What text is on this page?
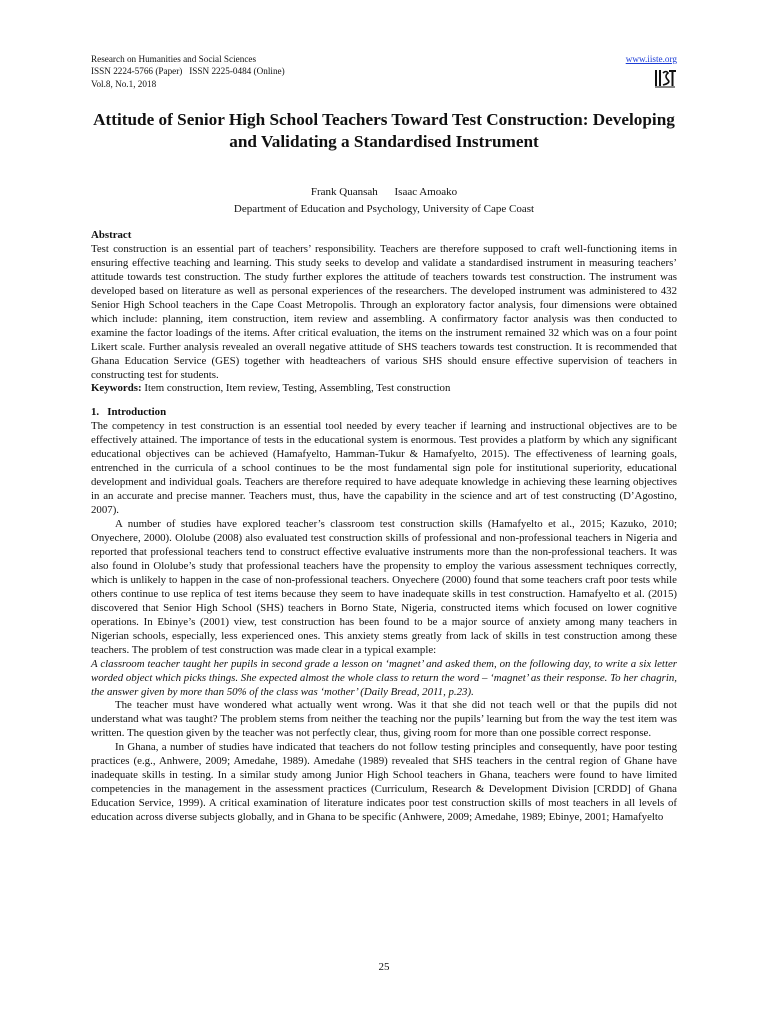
Research on Humanities and Social Sciences
ISSN 2224-5766 (Paper)   ISSN 2225-0484 (Online)
Vol.8, No.1, 2018
www.iiste.org
Attitude of Senior High School Teachers Toward Test Construction: Developing and Validating a Standardised Instrument
Frank Quansah Isaac Amoako
Department of Education and Psychology, University of Cape Coast

Abstract

Test construction is an essential part of teachers’ responsibility. Teachers are therefore supposed to craft well-functioning items in ensuring effective teaching and learning. This study seeks to develop and validate a standardised instrument in measuring teachers’ attitude towards test construction. The study further explores the attitude of teachers towards test construction. The instrument was developed based on literature as well as personal experiences of the researchers. The developed instrument was administered to 432 Senior High School teachers in the Cape Coast Metropolis. Through an exploratory factor analysis, four dimensions were obtained which include: planning, item construction, item review and assembling. A confirmatory factor analysis was then conducted to examine the factor loadings of the items. After critical evaluation, the items on the instrument remained 32 which was on a four point Likert scale. Further analysis revealed an overall negative attitude of SHS teachers towards test construction. It is recommended that Ghana Education Service (GES) together with headteachers of various SHS should ensure effective supervision of teachers in constructing test for students.

Keywords: Item construction, Item review, Testing, Assembling, Test construction

1.   Introduction

The competency in test construction is an essential tool needed by every teacher if learning and instructional objectives are to be effectively attained. The importance of tests in the educational system is enormous. Test provides a platform by which any significant educational objectives can be achieved (Hamafyelto, Hamman-Tukur & Hamafyelto, 2015). The effectiveness of learning goals, entrenched in the curricula of a school continues to be the most fundamental sign pole for institutional superiority, educational development and individual goals. Teachers are therefore required to have adequate knowledge in achieving these learning objectives in an accurate and precise manner. Teachers must, thus, have the capability in the science and art of test constructing (D’Agostino, 2007).

A number of studies have explored teacher’s classroom test construction skills (Hamafyelto et al., 2015; Kazuko, 2010; Onyechere, 2000). Ololube (2008) also evaluated test construction skills of professional and non-professional teachers in Nigeria and reported that professional teachers tend to construct effective evaluative instruments more than the non-professional teachers. It was also found in Ololube’s study that professional teachers have the propensity to employ the various assessment techniques correctly, which is unlikely to happen in the case of non-professional teachers. Onyechere (2000) found that some teachers craft poor tests while others continue to use replica of test items because they seem to have inadequate skills in test construction. Hamafyelto et al. (2015) discovered that Senior High School (SHS) teachers in Borno State, Nigeria, constructed items which focused on lower cognitive operations. In Ebinye’s (2001) view, test construction has been found to be a major source of anxiety among many teachers in Nigerian schools, especially, less experienced ones. This anxiety stems greatly from lack of skills in test construction among these teachers. The problem of test construction was made clear in a typical example:

A classroom teacher taught her pupils in second grade a lesson on ‘magnet’ and asked them, on the following day, to write a six letter worded object which picks things. She expected almost the whole class to return the word – ‘magnet’ as their response. To her chagrin, the answer given by more than 50% of the class was ‘mother’ (Daily Bread, 2011, p.23).

The teacher must have wondered what actually went wrong. Was it that she did not teach well or that the pupils did not understand what was taught? The problem stems from neither the teaching nor the pupils’ learning but from the way the test item was written. The question given by the teacher was not perfectly clear, thus, giving room for more than one possible correct response.

In Ghana, a number of studies have indicated that teachers do not follow testing principles and consequently, have poor testing practices (e.g., Anhwere, 2009; Amedahe, 1989). Amedahe (1989) revealed that SHS teachers in the central region of Ghane have inadequate skills in testing. In a similar study among Junior High School teachers in Ghana, teachers were found to have limited competencies in the management in the assessment practices (Curriculum, Research & Development Division [CRDD] of Ghana Education Service, 1999). A critical examination of literature indicates poor test construction skills of most teachers in all levels of education across diverse subjects globally, and in Ghana to be specific (Anhwere, 2009; Amedahe, 1989; Ebinye, 2001; Hamafyelto

25
